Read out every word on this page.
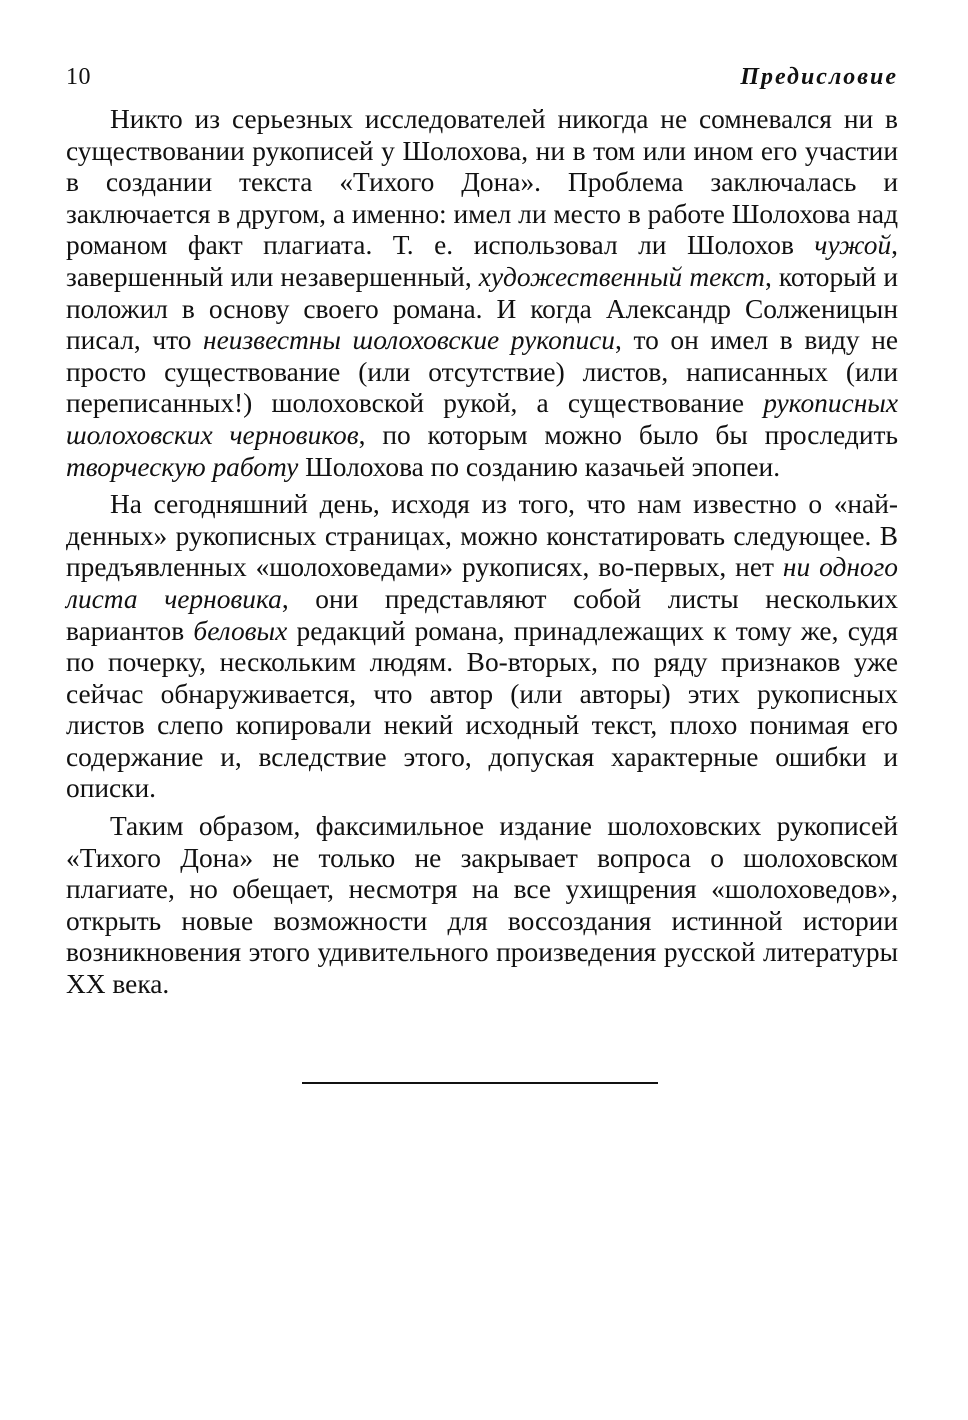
10	Предисловие

Никто из серьезных исследователей никогда не сомневался ни в существовании рукописей у Шолохова, ни в том или ином его участии в создании текста «Тихого Дона». Проблема заключалась и заключается в другом, а именно: имел ли место в работе Шолохова над романом факт плагиата. Т. е. использовал ли Шолохов чужой, завершенный или незавершенный, художественный текст, который и положил в основу своего романа. И когда Александр Солженицын писал, что неизвестны шолоховские рукописи, то он имел в виду не просто существование (или отсутствие) листов, написанных (или переписанных!) шолоховской рукой, а существование рукописных шолоховских черновиков, по которым можно было бы проследить творческую работу Шолохова по созданию казачьей эпопеи.

На сегодняшний день, исходя из того, что нам известно о «найденных» рукописных страницах, можно констатировать следующее. В предъявленных «шолоховедами» рукописях, во-первых, нет ни одного листа черновика, они представляют собой листы нескольких вариантов беловых редакций романа, принадлежащих к тому же, судя по почерку, нескольким людям. Во-вторых, по ряду признаков уже сейчас обнаруживается, что автор (или авторы) этих рукописных листов слепо копировали некий исходный текст, плохо понимая его содержание и, вследствие этого, допуская характерные ошибки и описки.

Таким образом, факсимильное издание шолоховских рукописей «Тихого Дона» не только не закрывает вопроса о шолоховском плагиате, но обещает, несмотря на все ухищрения «шолоховедов», открыть новые возможности для воссоздания истинной истории возникновения этого удивительного произведения русской литературы XX века.
